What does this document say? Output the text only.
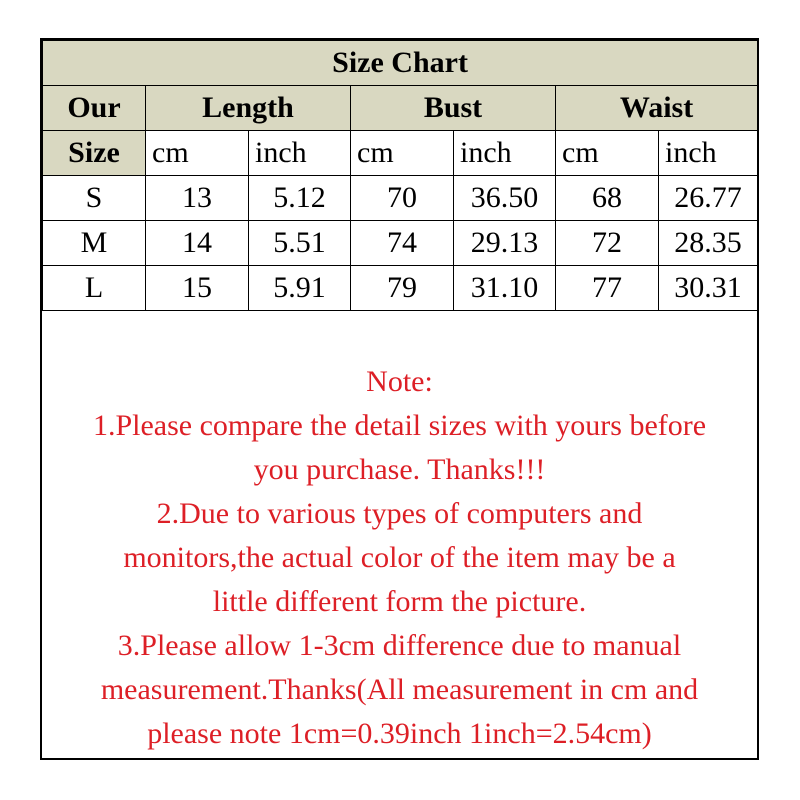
Size Chart						
Our	Length		Bust		Waist	
Size	cm	inch	cm	inch	cm	inch
S	13	5.12	70	36.50	68	26.77
M	14	5.51	74	29.13	72	28.35
L	15	5.91	79	31.10	77	30.31
Note:
1.Please compare the detail sizes with yours before
you purchase. Thanks!!!
2.Due to various types of computers and
monitors,the actual color of the item may be a
little different form the picture.
3.Please allow 1-3cm difference due to manual
measurement.Thanks(All measurement in cm and
please note 1cm=0.39inch 1inch=2.54cm)
